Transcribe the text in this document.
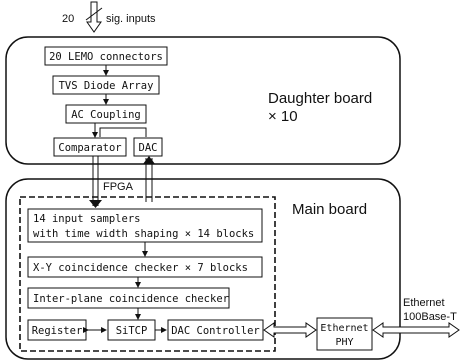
20	sig. inputs
Daughter board
× 10
20 LEMO connectors
TVS Diode Array
AC Coupling
Comparator DAC
FPGA
Main board
14 input samplers
with time width shaping × 14 blocks
X-Y coincidence checker × 7 blocks
Inter-plane coincidence checker
Register	SiTCP DAC Controller	Ethernet
PHY
Ethernet
100Base-T
